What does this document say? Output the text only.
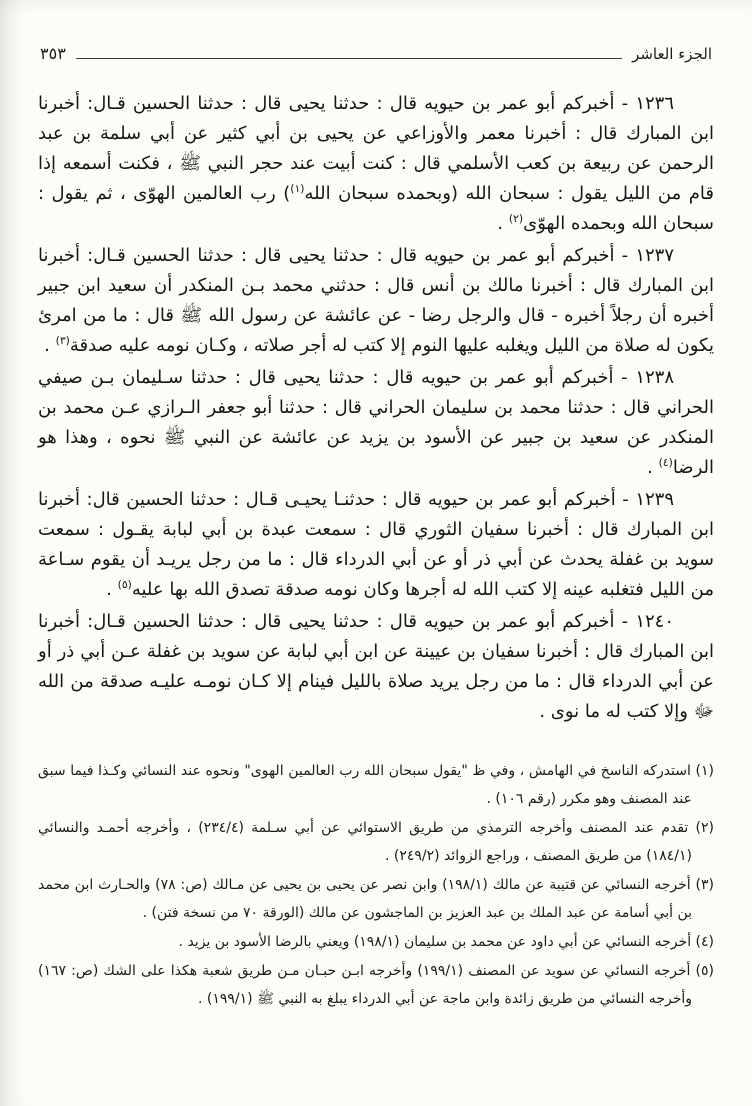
الجزء العاشر
٣٥٣

١٢٣٦ - أخبركم أبو عمر بن حيويه قال : حدثنا يحيى قال : حدثنا الحسين قـال: أخبرنا ابن المبارك قال : أخبرنا معمر والأوزاعي عن يحيى بن أبي كثير عن أبي سلمة بن عبد الرحمن عن ربيعة بن كعب الأسلمي قال : كنت أبيت عند حجر النبي ﷺ ، فكنت أسمعه إذا قام من الليل يقول : سبحان الله (وبحمده سبحان الله$^{(١)}$) رب العالمين الهوّى ، ثم يقول : سبحان الله وبحمده الهوّى$^{(٢)}$ .

١٢٣٧ - أخبركم أبو عمر بن حيويه قال : حدثنا يحيى قال : حدثنا الحسين قـال: أخبرنا ابن المبارك قال : أخبرنا مالك بن أنس قال : حدثني محمد بـن المنكدر أن سعيد ابن جبير أخبره أن رجلاً أخبره - قال والرجل رضا - عن عائشة عن رسول الله ﷺ قال : ما من امرئ يكون له صلاة من الليل ويغلبه عليها النوم إلا كتب له أجر صلاته ، وكـان نومه عليه صدقة$^{(٣)}$ .

١٢٣٨ - أخبركم أبو عمر بن حيويه قال : حدثنا يحيى قال : حدثنا سـليمان بـن صيفي الحراني قال : حدثنا محمد بن سليمان الحراني قال : حدثنا أبو جعفر الـرازي عـن محمد بن المنكدر عن سعيد بن جبير عن الأسود بن يزيد عن عائشة عن النبي ﷺ نحوه ، وهذا هو الرضا$^{(٤)}$ .

١٢٣٩ - أخبركم أبو عمر بن حيويه قال : حدثنـا يحيـى قـال : حدثنا الحسين قال: أخبرنا ابن المبارك قال : أخبرنا سفيان الثوري قال : سمعت عبدة بن أبي لبابة يقـول : سمعت سويد بن غفلة يحدث عن أبي ذر أو عن أبي الدرداء قال : ما من رجل يريـد أن يقوم سـاعة من الليل فتغلبه عينه إلا كتب الله له أجرها وكان نومه صدقة تصدق الله بها عليه$^{(٥)}$ .

١٢٤٠ - أخبركم أبو عمر بن حيويه قال : حدثنا يحيى قال : حدثنا الحسين قـال: أخبرنا ابن المبارك قال : أخبرنا سفيان بن عيينة عن ابن أبي لبابة عن سويد بن غفلة عـن أبي ذر أو عن أبي الدرداء قال : ما من رجل يريد صلاة بالليل فينام إلا كـان نومـه عليـه صدقة من الله ﷻ وإلا كتب له ما نوى .

(١) استدركه الناسخ في الهامش ، وفي ظ "يقول سبحان الله رب العالمين الهوى" ونحوه عند النسائي وكـذا فيما سبق عند المصنف وهو مكرر (رقم ١٠٦) .

(٢) تقدم عند المصنف وأخرجه الترمذي من طريق الاستوائي عن أبي سـلمة (٢٣٤/٤) ، وأخرجه أحمـد والنسائي (١٨٤/١) من طريق المصنف ، وراجع الزوائد (٢٤٩/٢) .

(٣) أخرجه النسائي عن قتيبة عن مالك (١٩٨/١) وابن نصر عن يحيى بن يحيى عن مـالك (ص: ٧٨) والحـارث ابن محمد بن أبي أسامة عن عبد الملك بن عبد العزيز بن الماجشون عن مالك (الورقة ٧٠ من نسخة فتن) .

(٤) أخرجه النسائي عن أبي داود عن محمد بن سليمان (١٩٨/١) ويعني بالرضا الأسود بن يزيد .

(٥) أخرجه النسائي عن سويد عن المصنف (١٩٩/١) وأخرجه ابـن حبـان مـن طريق شعبة هكذا على الشك (ص: ١٦٧) وأخرجه النسائي من طريق زائدة وابن ماجة عن أبي الدرداء يبلغ به النبي ﷺ (١٩٩/١) .
